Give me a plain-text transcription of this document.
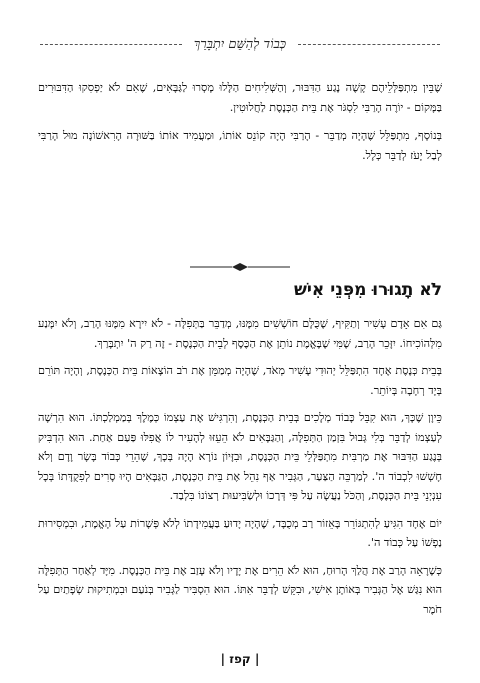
כְּבוֹד לְהַשֵּׁם יִתְבָּרַךְ

שֶׁבֵּין מִתְפַּלְּלֵיהֶם קָשֶׁה נֶגַע הַדִּבּוּר, וְהַשְּׁלִיחִים הַלָּלוּ מָסְרוּ לַגַּבָּאִים, שֶׁאִם לֹא יַפְסִקוּ הַדִּבּוּרִים בַּמָּקוֹם - יוֹרֶה הָרַבִּי לִסְגֹּר אֶת בֵּית הַכְּנֶסֶת לַחֲלוּטִין.

בְּנוֹסָף, מִתְפַּלֵּל שֶׁהָיָה מְדַבֵּר - הָרַבִּי הָיָה קוֹנֵס אוֹתוֹ, וּמַעֲמִיד אוֹתוֹ בַּשּׁוּרָה הָרִאשׁוֹנָה מוּל הָרַבִּי לְבַל יָעֹז לְדַבֵּר כְּלָל.

לֹא תָגוּרוּ מִפְּנֵי אִישׁ

גַּם אִם אָדָם עָשִׁיר וְתַקִּיף, שֶׁכֻּלָּם חוֹשְׁשִׁים מִמֶּנּוּ, מְדַבֵּר בַּתְּפִלָּה - לֹא יִירָא מִמֶּנּוּ הָרַב, וְלֹא יִמָּנַע מִלְּהוֹכִיחוֹ. יִזָּכֵר הָרַב, שֶׁמִּי שֶׁבֶּאֱמֶת נוֹתֵן אֶת הַכֶּסֶף לְבֵית הַכְּנֶסֶת - זֶה רַק ה' יִתְבָּרַךְ.

בְּבֵית כְּנֶסֶת אֶחָד הִתְפַּלֵּל יְהוּדִי עָשִׁיר מְאֹד, שֶׁהָיָה מְמַמֵּן אֶת רֹב הוֹצָאוֹת בֵּית הַכְּנֶסֶת, וְהָיָה תּוֹרֵם בְּיָד רְחָבָה בְּיוֹתֵר.

כֵּיוָן שֶׁכָּךְ, הוּא קִבֵּל כָּבוֹד מְלָכִים בְּבֵית הַכְּנֶסֶת, וְהִרְגִּישׁ אֶת עַצְמוֹ כְּמֶלֶךְ בְּמַמְלַכְתּוֹ. הוּא הִרְשָׁה לְעַצְמוֹ לְדַבֵּר בְּלִי גְּבוּל בִּזְמַן הַתְּפִלָּה, וְהַגַּבָּאִים לֹא הֵעֵזּוּ לְהָעִיר לוֹ אֲפִלּוּ פַּעַם אַחַת. הוּא הִדְבִּיק בְּנֶגַע הַדִּבּוּר אֶת מַרְבִּית מִתְפַּלְּלֵי בֵּית הַכְּנֶסֶת, וּבִזָּיוֹן נוֹרָא הָיָה בְּכָךְ, שֶׁהֵרֵי כְּבוֹד בָּשָׂר וָדָם וְלֹא חָשְׁשׁוּ לִכְבוֹד ה'. לְמַרְבֵּה הַצַּעַר, הַגְּבִיר אַף נִהֵל אֶת בֵּית הַכְּנֶסֶת, הַגַּבָּאִים הָיוּ סָרִים לְפִקֻדָּתוֹ בְּכָל עִנְיְנֵי בֵּית הַכְּנֶסֶת, וְהַכֹּל נַעֲשָׂה עַל פִּי דְּרָכוֹ וּלְשַׂבִּיעוּת רְצוֹנוֹ בִּלְבַד.

יוֹם אֶחָד הִגִּיעַ לְהִתְגּוֹרֵר בָּאֵזוֹר רַב מְכֻבָּד, שֶׁהָיָה יָדוּעַ בַּעֲמִידָתוֹ לְלֹא פְּשָׁרוֹת עַל הָאֱמֶת, וּבִמְסִירוּת נַפְשׁוֹ עַל כְּבוֹד ה'.

כְּשֶׁרָאָה הָרַב אֶת הֲלַךְ הָרוּחַ, הוּא לֹא הֵרִים אֶת יָדָיו וְלֹא עָזַב אֶת בֵּית הַכְּנֶסֶת. מִיָּד לְאַחַר הַתְּפִלָּה הוּא נִגַּשׁ אֶל הַגְּבִיר בְּאוֹתָן אִישִׁי, וּבִקֵּשׁ לְדַבֵּר אִתּוֹ. הוּא הִסְבִּיר לַגְּבִיר בְּנֹעַם וּבִמְתִיקוּת שְׂפָתַיִם עַל חֹמֶר

| קפז |
